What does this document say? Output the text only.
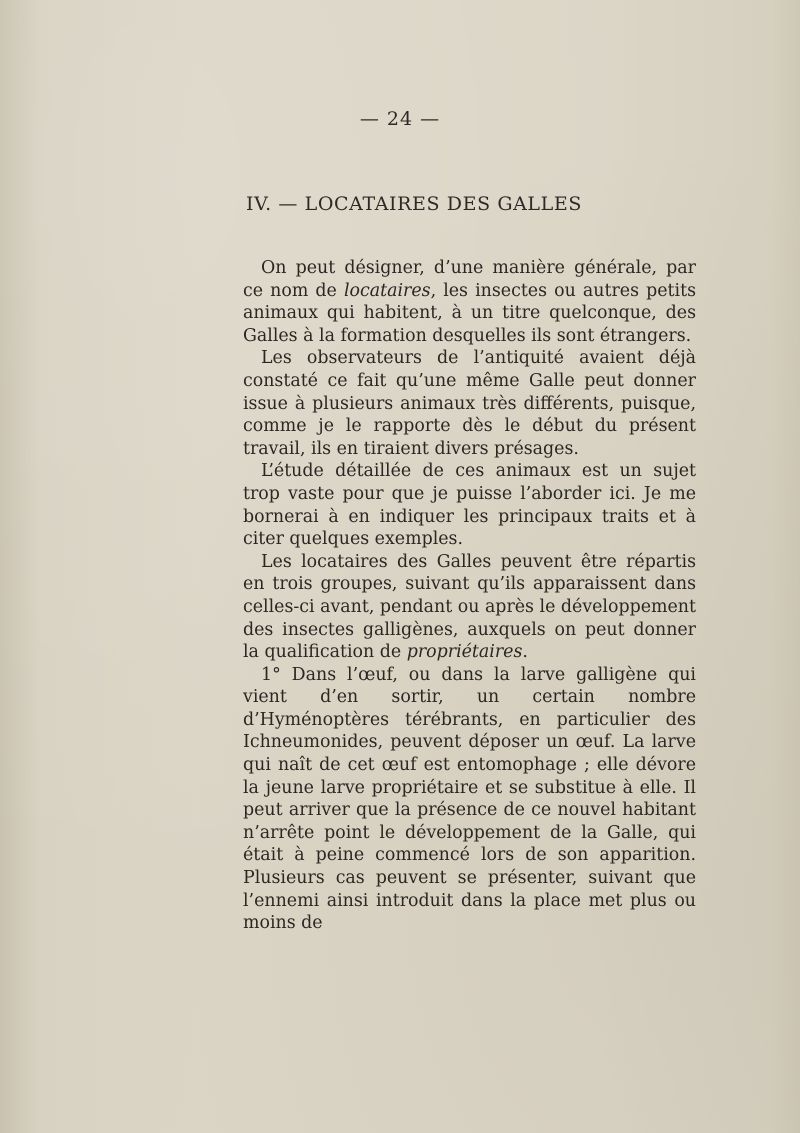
— 24 —
IV. — LOCATAIRES DES GALLES

On peut désigner, d’une manière générale, par ce nom de locataires, les insectes ou autres petits animaux qui habitent, à un titre quelconque, des Galles à la formation desquelles ils sont étrangers.

Les observateurs de l’antiquité avaient déjà constaté ce fait qu’une même Galle peut donner issue à plusieurs animaux très différents, puisque, comme je le rapporte dès le début du présent travail, ils en tiraient divers présages.

L’étude détaillée de ces animaux est un sujet trop vaste pour que je puisse l’aborder ici. Je me bornerai à en indiquer les principaux traits et à citer quelques exemples.

Les locataires des Galles peuvent être répartis en trois groupes, suivant qu’ils apparaissent dans celles-ci avant, pendant ou après le développement des insectes galligènes, auxquels on peut donner la qualification de propriétaires.

1° Dans l’œuf, ou dans la larve galligène qui vient d’en sortir, un certain nombre d’Hyménoptères térébrants, en particulier des Ichneumonides, peuvent déposer un œuf. La larve qui naît de cet œuf est entomophage ; elle dévore la jeune larve propriétaire et se substitue à elle. Il peut arriver que la présence de ce nouvel habitant n’arrête point le développement de la Galle, qui était à peine commencé lors de son apparition. Plusieurs cas peuvent se présenter, suivant que l’ennemi ainsi introduit dans la place met plus ou moins de
